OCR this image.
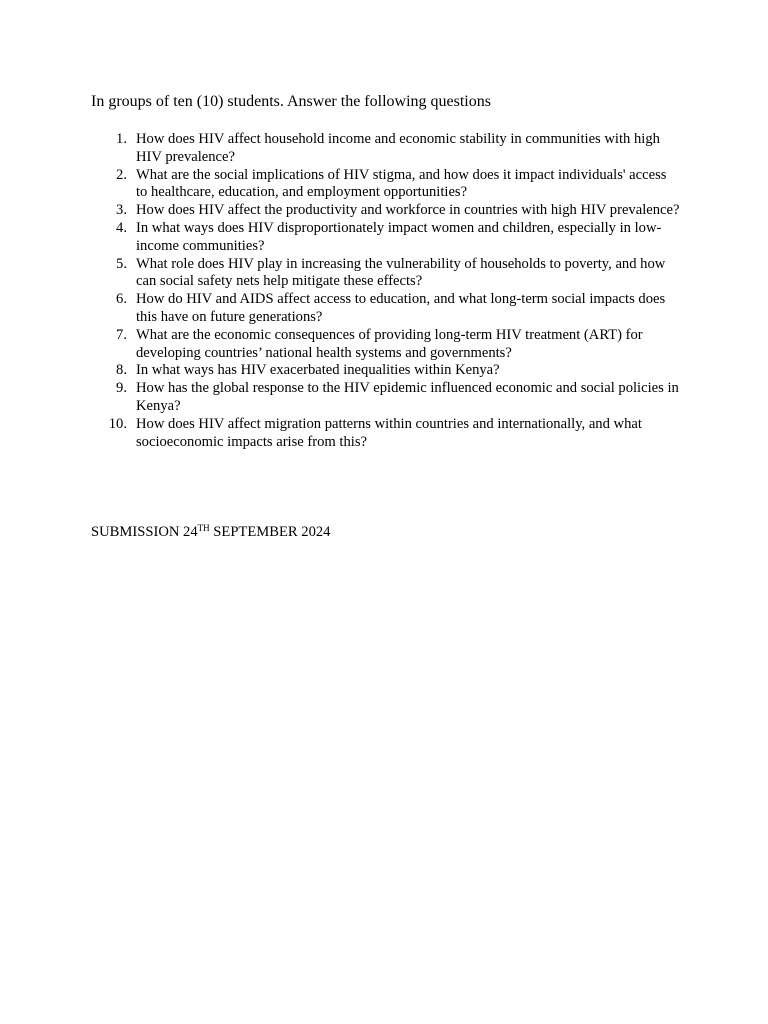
In groups of ten (10) students. Answer the following questions
1. How does HIV affect household income and economic stability in communities with high HIV prevalence?
2. What are the social implications of HIV stigma, and how does it impact individuals' access to healthcare, education, and employment opportunities?
3. How does HIV affect the productivity and workforce in countries with high HIV prevalence?
4. In what ways does HIV disproportionately impact women and children, especially in low-income communities?
5. What role does HIV play in increasing the vulnerability of households to poverty, and how can social safety nets help mitigate these effects?
6. How do HIV and AIDS affect access to education, and what long-term social impacts does this have on future generations?
7. What are the economic consequences of providing long-term HIV treatment (ART) for developing countries’ national health systems and governments?
8. In what ways has HIV exacerbated inequalities within Kenya?
9. How has the global response to the HIV epidemic influenced economic and social policies in Kenya?
10. How does HIV affect migration patterns within countries and internationally, and what socioeconomic impacts arise from this?
SUBMISSION 24TH SEPTEMBER 2024
